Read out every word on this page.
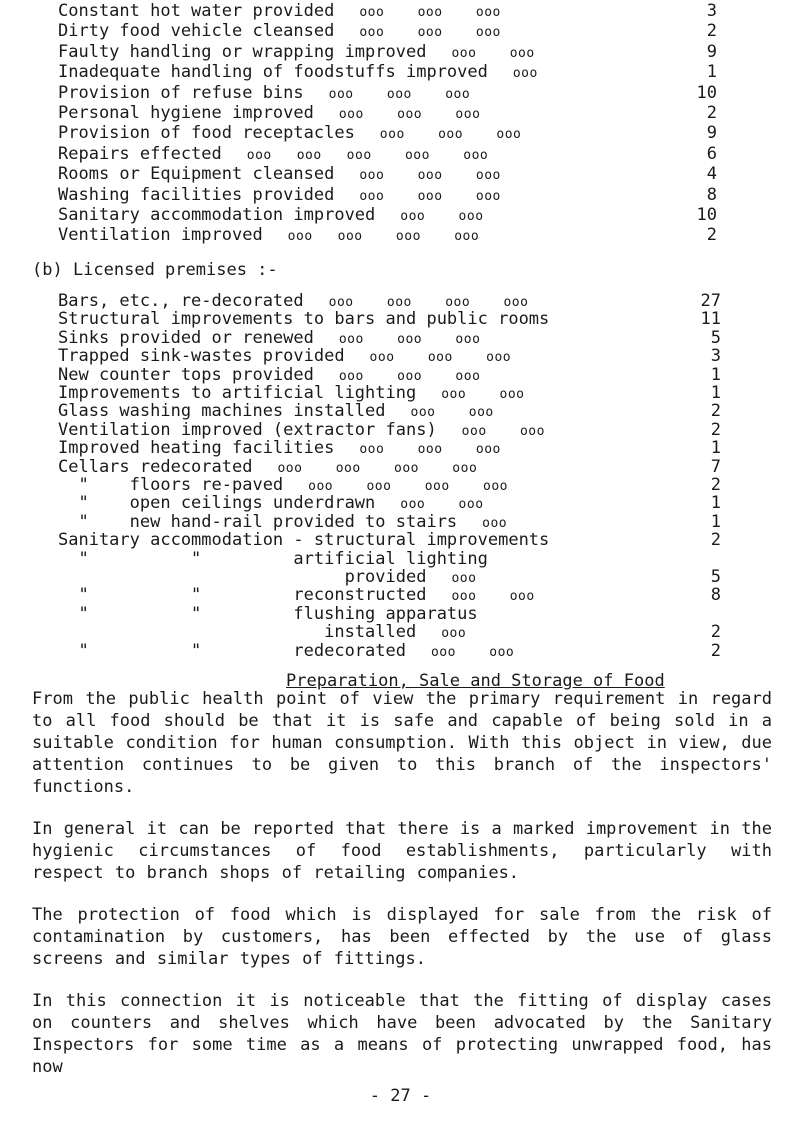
Constant hot water provided   ooo    ooo    ooo	3
Dirty food vehicle cleansed   ooo    ooo    ooo	2
Faulty handling or wrapping improved   ooo    ooo	9
Inadequate handling of foodstuffs improved   ooo	1
Provision of refuse bins   ooo    ooo    ooo	10
Personal hygiene improved   ooo    ooo    ooo	2
Provision of food receptacles   ooo    ooo    ooo	9
Repairs effected   ooo   ooo   ooo    ooo    ooo	6
Rooms or Equipment cleansed   ooo    ooo    ooo	4
Washing facilities provided   ooo    ooo    ooo	8
Sanitary accommodation improved   ooo    ooo	10
Ventilation improved   ooo   ooo    ooo    ooo	2
(b) Licensed premises :-
Bars, etc., re-decorated   ooo    ooo    ooo    ooo	27
Structural improvements to bars and public rooms	11
Sinks provided or renewed   ooo    ooo    ooo	5
Trapped sink-wastes provided   ooo    ooo    ooo	3
New counter tops provided   ooo    ooo    ooo	1
Improvements to artificial lighting   ooo    ooo	1
Glass washing machines installed   ooo    ooo	2
Ventilation improved (extractor fans)   ooo    ooo	2
Improved heating facilities   ooo    ooo    ooo	1
Cellars redecorated   ooo    ooo    ooo    ooo	7
"    floors re-paved   ooo    ooo    ooo    ooo	2
"    open ceilings underdrawn   ooo    ooo	1
"    new hand-rail provided to stairs   ooo	1
Sanitary accommodation - structural improvements	2
"          "         artificial lighting
provided   ooo	5
"          "         reconstructed   ooo    ooo	8
"          "         flushing apparatus
installed   ooo	2
"          "         redecorated   ooo    ooo	2
Preparation, Sale and Storage of Food
From the public health point of view the primary requirement in regard to all food should be that it is safe and capable of being sold in a suitable condition for human consumption. With this object in view, due attention continues to be given to this branch of the inspectors' functions.
In general it can be reported that there is a marked improvement in the hygienic circumstances of food establishments, particularly with respect to branch shops of retailing companies.
The protection of food which is displayed for sale from the risk of contamination by customers, has been effected by the use of glass screens and similar types of fittings.
In this connection it is noticeable that the fitting of display cases on counters and shelves which have been advocated by the Sanitary Inspectors for some time as a means of protecting unwrapped food, has now
- 27 -
